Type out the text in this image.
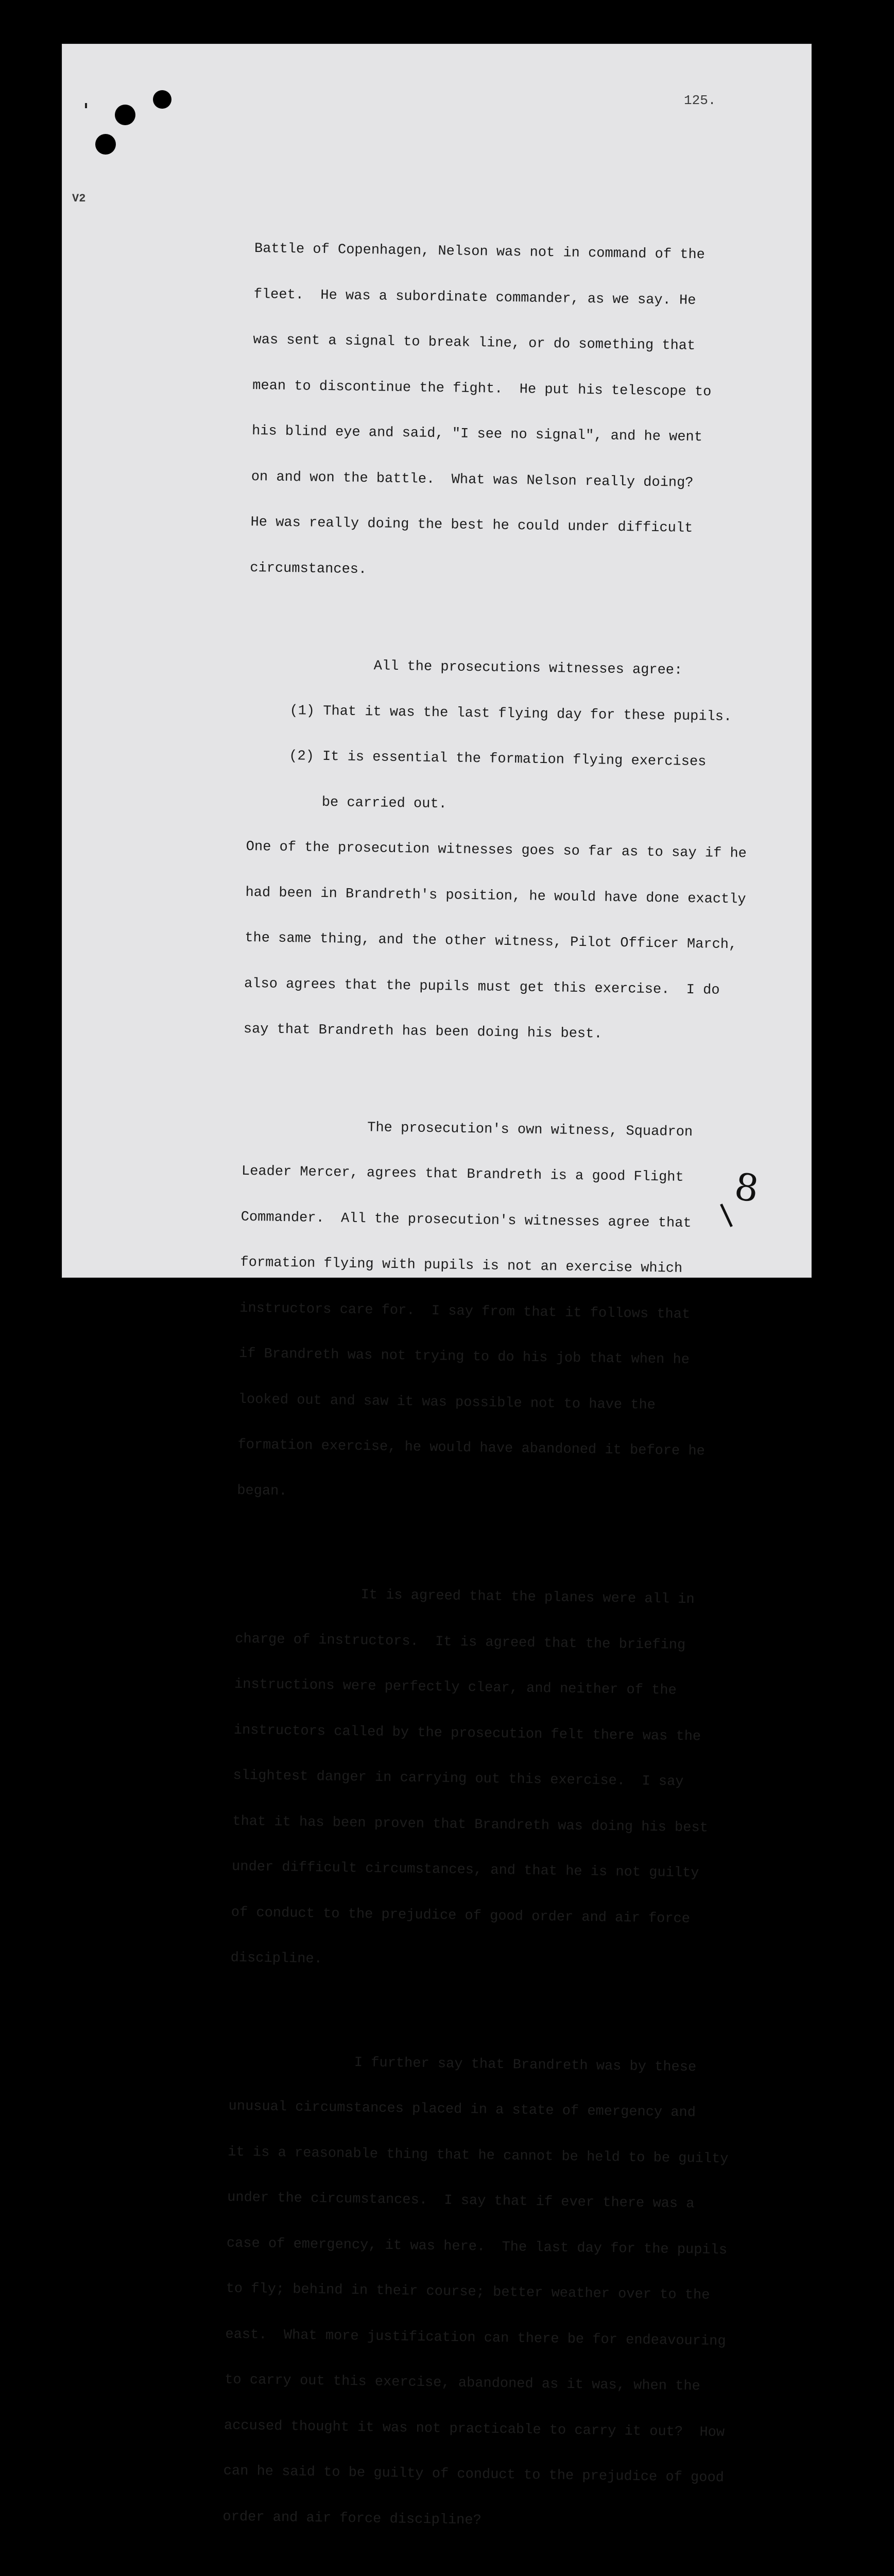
125.
V2

Battle of Copenhagen, Nelson was not in command of the

fleet.  He was a subordinate commander, as we say. He

was sent a signal to break line, or do something that

mean to discontinue the fight.  He put his telescope to

his blind eye and said, "I see no signal", and he went

on and won the battle.  What was Nelson really doing?

He was really doing the best he could under difficult

circumstances.

All the prosecutions witnesses agree:

(1) That it was the last flying day for these pupils.

(2) It is essential the formation flying exercises

be carried out.

One of the prosecution witnesses goes so far as to say if he

had been in Brandreth's position, he would have done exactly

the same thing, and the other witness, Pilot Officer March,

also agrees that the pupils must get this exercise.  I do

say that Brandreth has been doing his best.

The prosecution's own witness, Squadron

Leader Mercer, agrees that Brandreth is a good Flight

Commander.  All the prosecution's witnesses agree that

formation flying with pupils is not an exercise which

instructors care for.  I say from that it follows that

if Brandreth was not trying to do his job that when he

looked out and saw it was possible not to have the

formation exercise, he would have abandoned it before he

began.

It is agreed that the planes were all in

charge of instructors.  It is agreed that the briefing

instructions were perfectly clear, and neither of the

instructors called by the prosecution felt there was the

slightest danger in carrying out this exercise.  I say

that it has been proven that Brandreth was doing his best

under difficult circumstances, and that he is not guilty

of conduct to the prejudice of good order and air force

discipline.

I further say that Brandreth was by these

unusual circumstances placed in a state of emergency and

it is a reasonable thing that he cannot be held to be guilty

under the circumstances.  I say that if ever there was a

case of emergency, it was here.  The last day for the pupils

to fly; behind in their course; better weather over to the

east.  What more justification can there be for endeavouring

to carry out this exercise, abandoned as it was, when the

accused thought it was not practicable to carry it out?  How

can he said to be guilty of conduct to the prejudice of good

order and air force discipline?

8
